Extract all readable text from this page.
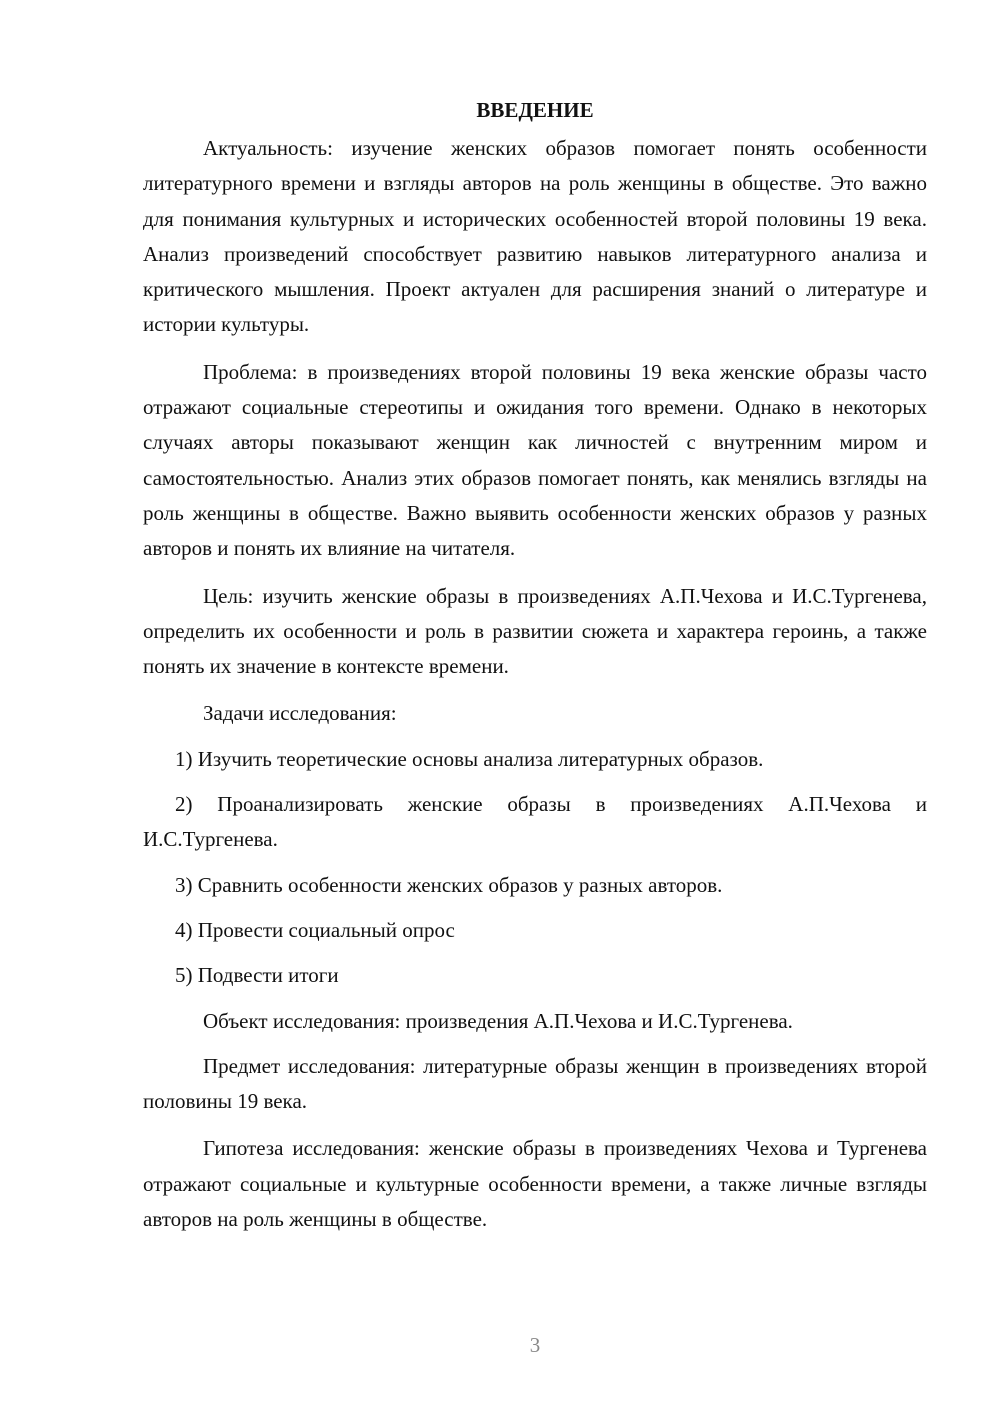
ВВЕДЕНИЕ

Актуальность: изучение женских образов помогает понять особенности литературного времени и взгляды авторов на роль женщины в обществе. Это важно для понимания культурных и исторических особенностей второй половины 19 века. Анализ произведений способствует развитию навыков литературного анализа и критического мышления. Проект актуален для расширения знаний о литературе и истории культуры.

Проблема: в произведениях второй половины 19 века женские образы часто отражают социальные стереотипы и ожидания того времени. Однако в некоторых случаях авторы показывают женщин как личностей с внутренним миром и самостоятельностью. Анализ этих образов помогает понять, как менялись взгляды на роль женщины в обществе. Важно выявить особенности женских образов у разных авторов и понять их влияние на читателя.

Цель: изучить женские образы в произведениях А.П.Чехова и И.С.Тургенева, определить их особенности и роль в развитии сюжета и характера героинь, а также понять их значение в контексте времени.

Задачи исследования:

1) Изучить теоретические основы анализа литературных образов.

2) Проанализировать женские образы в произведениях А.П.Чехова и И.С.Тургенева.

3) Сравнить особенности женских образов у разных авторов.

4) Провести социальный опрос

5) Подвести итоги

Объект исследования: произведения А.П.Чехова и И.С.Тургенева.

Предмет исследования: литературные образы женщин в произведениях второй половины 19 века.

Гипотеза исследования: женские образы в произведениях Чехова и Тургенева отражают социальные и культурные особенности времени, а также личные взгляды авторов на роль женщины в обществе.

3
